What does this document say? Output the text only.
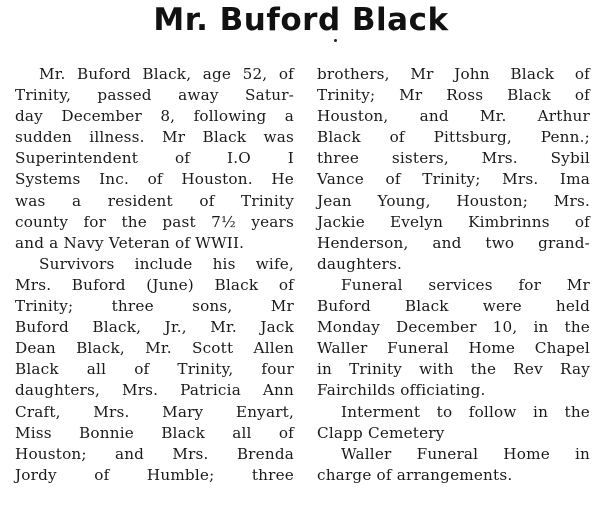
Mr. Buford Black
Mr. Buford Black, age 52, of
Trinity, passed away Satur-
day December 8, following a
sudden illness. Mr Black was
Superintendent of I.O I
Systems Inc. of Houston. He
was a resident of Trinity
county for the past 7½ years
and a Navy Veteran of WWII.
Survivors include his wife,
Mrs. Buford (June) Black of
Trinity; three sons, Mr
Buford Black, Jr., Mr. Jack
Dean Black, Mr. Scott Allen
Black all of Trinity, four
daughters, Mrs. Patricia Ann
Craft, Mrs. Mary Enyart,
Miss Bonnie Black all of
Houston; and Mrs. Brenda
Jordy of Humble; three
brothers, Mr John Black of
Trinity; Mr Ross Black of
Houston, and Mr. Arthur
Black of Pittsburg, Penn.;
three sisters, Mrs. Sybil
Vance of Trinity; Mrs. Ima
Jean Young, Houston; Mrs.
Jackie Evelyn Kimbrinns of
Henderson, and two grand-
daughters.
Funeral services for Mr
Buford Black were held
Monday December 10, in the
Waller Funeral Home Chapel
in Trinity with the Rev Ray
Fairchilds officiating.
Interment to follow in the
Clapp Cemetery
Waller Funeral Home in
charge of arrangements.
